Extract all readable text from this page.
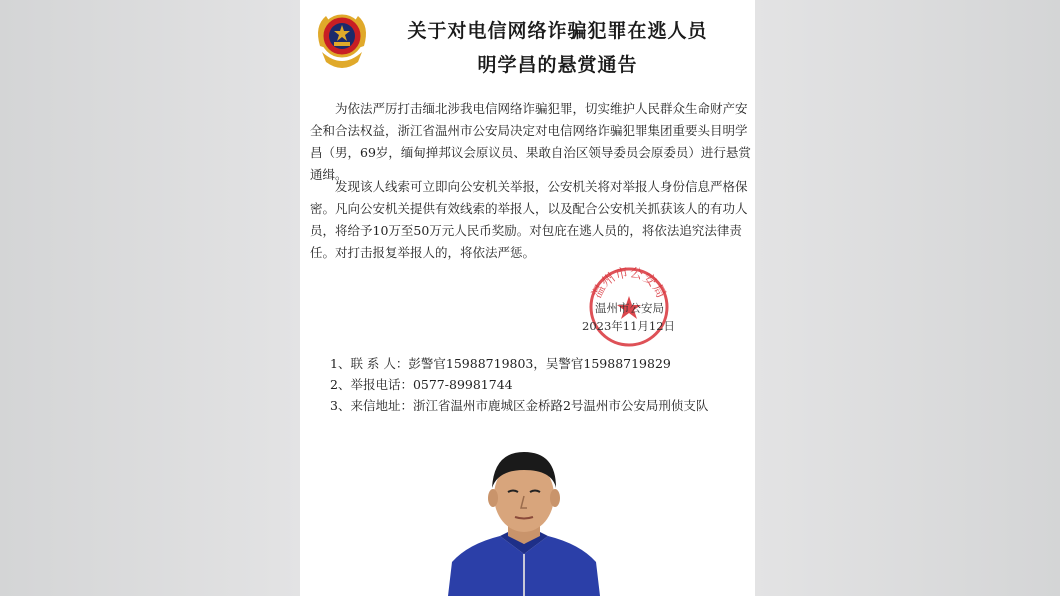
关于对电信网络诈骗犯罪在逃人员
明学昌的悬赏通告

为依法严厉打击缅北涉我电信网络诈骗犯罪，切实维护人民群众生命财产安全和合法权益，浙江省温州市公安局决定对电信网络诈骗犯罪集团重要头目明学昌（男，69岁，缅甸掸邦议会原议员、果敢自治区领导委员会原委员）进行悬赏通缉。

发现该人线索可立即向公安机关举报，公安机关将对举报人身份信息严格保密。凡向公安机关提供有效线索的举报人，以及配合公安机关抓获该人的有功人员，将给予10万至50万元人民币奖励。对包庇在逃人员的，将依法追究法律责任。对打击报复举报人的，将依法严惩。

温州市公安局
温州市公安局
2023年11月12日
1、联 系 人：彭警官15988719803，吴警官15988719829
2、举报电话：0577-89981744
3、来信地址：浙江省温州市鹿城区金桥路2号温州市公安局刑侦支队
